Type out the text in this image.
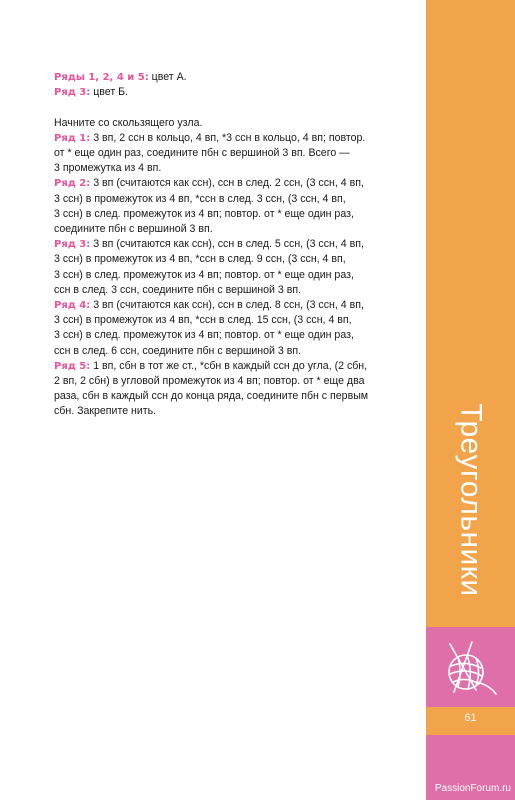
Ряды 1, 2, 4 и 5: цвет А.

Ряд 3: цвет Б.

Начните со скользящего узла.

Ряд 1: 3 вп, 2 ссн в кольцо, 4 вп, *3 ссн в кольцо, 4 вп; повтор.
от * еще один раз, соедините пбн с вершиной 3 вп. Всего —
3 промежутка из 4 вп.

Ряд 2: 3 вп (считаются как ссн), ссн в след. 2 ссн, (3 ссн, 4 вп,
3 ссн) в промежуток из 4 вп, *ссн в след. 3 ссн, (3 ссн, 4 вп,
3 ссн) в след. промежуток из 4 вп; повтор. от * еще один раз,
соедините пбн с вершиной 3 вп.

Ряд 3: 3 вп (считаются как ссн), ссн в след. 5 ссн, (3 ссн, 4 вп,
3 ссн) в промежуток из 4 вп, *ссн в след. 9 ссн, (3 ссн, 4 вп,
3 ссн) в след. промежуток из 4 вп; повтор. от * еще один раз,
ссн в след. 3 ссн, соедините пбн с вершиной 3 вп.

Ряд 4: 3 вп (считаются как ссн), ссн в след. 8 ссн, (3 ссн, 4 вп,
3 ссн) в промежуток из 4 вп, *ссн в след. 15 ссн, (3 ссн, 4 вп,
3 ссн) в след. промежуток из 4 вп; повтор. от * еще один раз,
ссн в след. 6 ссн, соедините пбн с вершиной 3 вп.

Ряд 5: 1 вп, сбн в тот же ст., *сбн в каждый ссн до угла, (2 сбн,
2 вп, 2 сбн) в угловой промежуток из 4 вп; повтор. от * еще два
раза, сбн в каждый ссн до конца ряда, соедините пбн с первым
сбн. Закрепите нить.	Треугольники
61
PassionForum.ru
